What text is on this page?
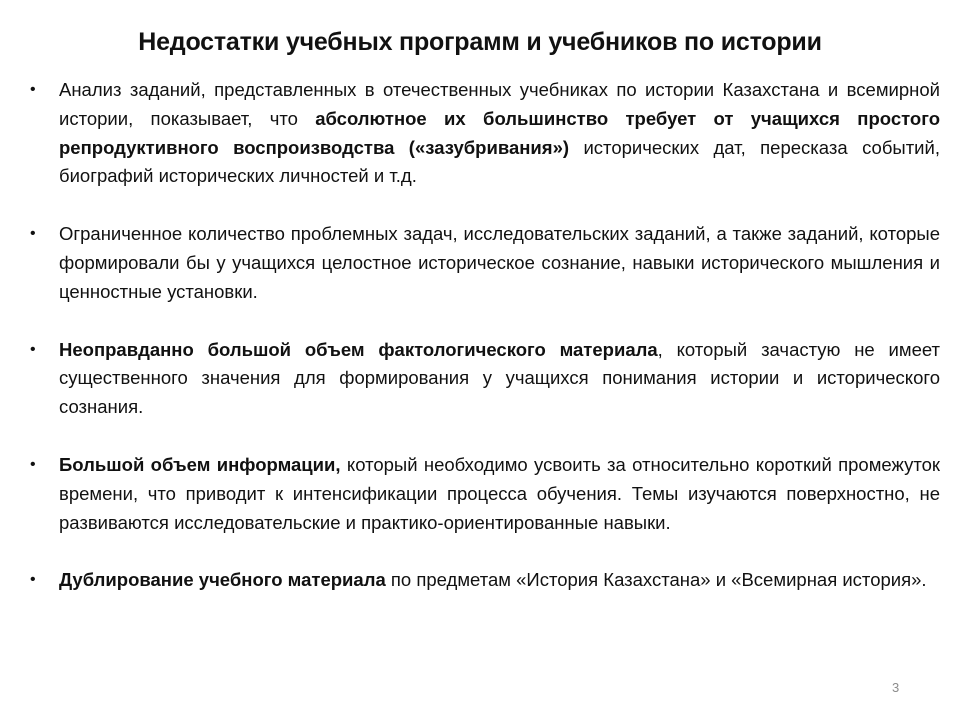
Недостатки учебных программ и учебников по истории
• Анализ заданий, представленных в отечественных учебниках по истории Казахстана и всемирной истории, показывает, что абсолютное их большинство требует от учащихся простого репродуктивного воспроизводства («зазубривания») исторических дат, пересказа событий, биографий исторических личностей и т.д.
• Ограниченное количество проблемных задач, исследовательских заданий, а также заданий, которые формировали бы у учащихся целостное историческое сознание, навыки исторического мышления и ценностные установки.
• Неоправданно большой объем фактологического материала, который зачастую не имеет существенного значения для формирования у учащихся понимания истории и исторического сознания.
• Большой объем информации, который необходимо усвоить за относительно короткий промежуток времени, что приводит к интенсификации процесса обучения. Темы изучаются поверхностно, не развиваются исследовательские и практико-ориентированные навыки.
• Дублирование учебного материала по предметам «История Казахстана» и «Всемирная история».
3
